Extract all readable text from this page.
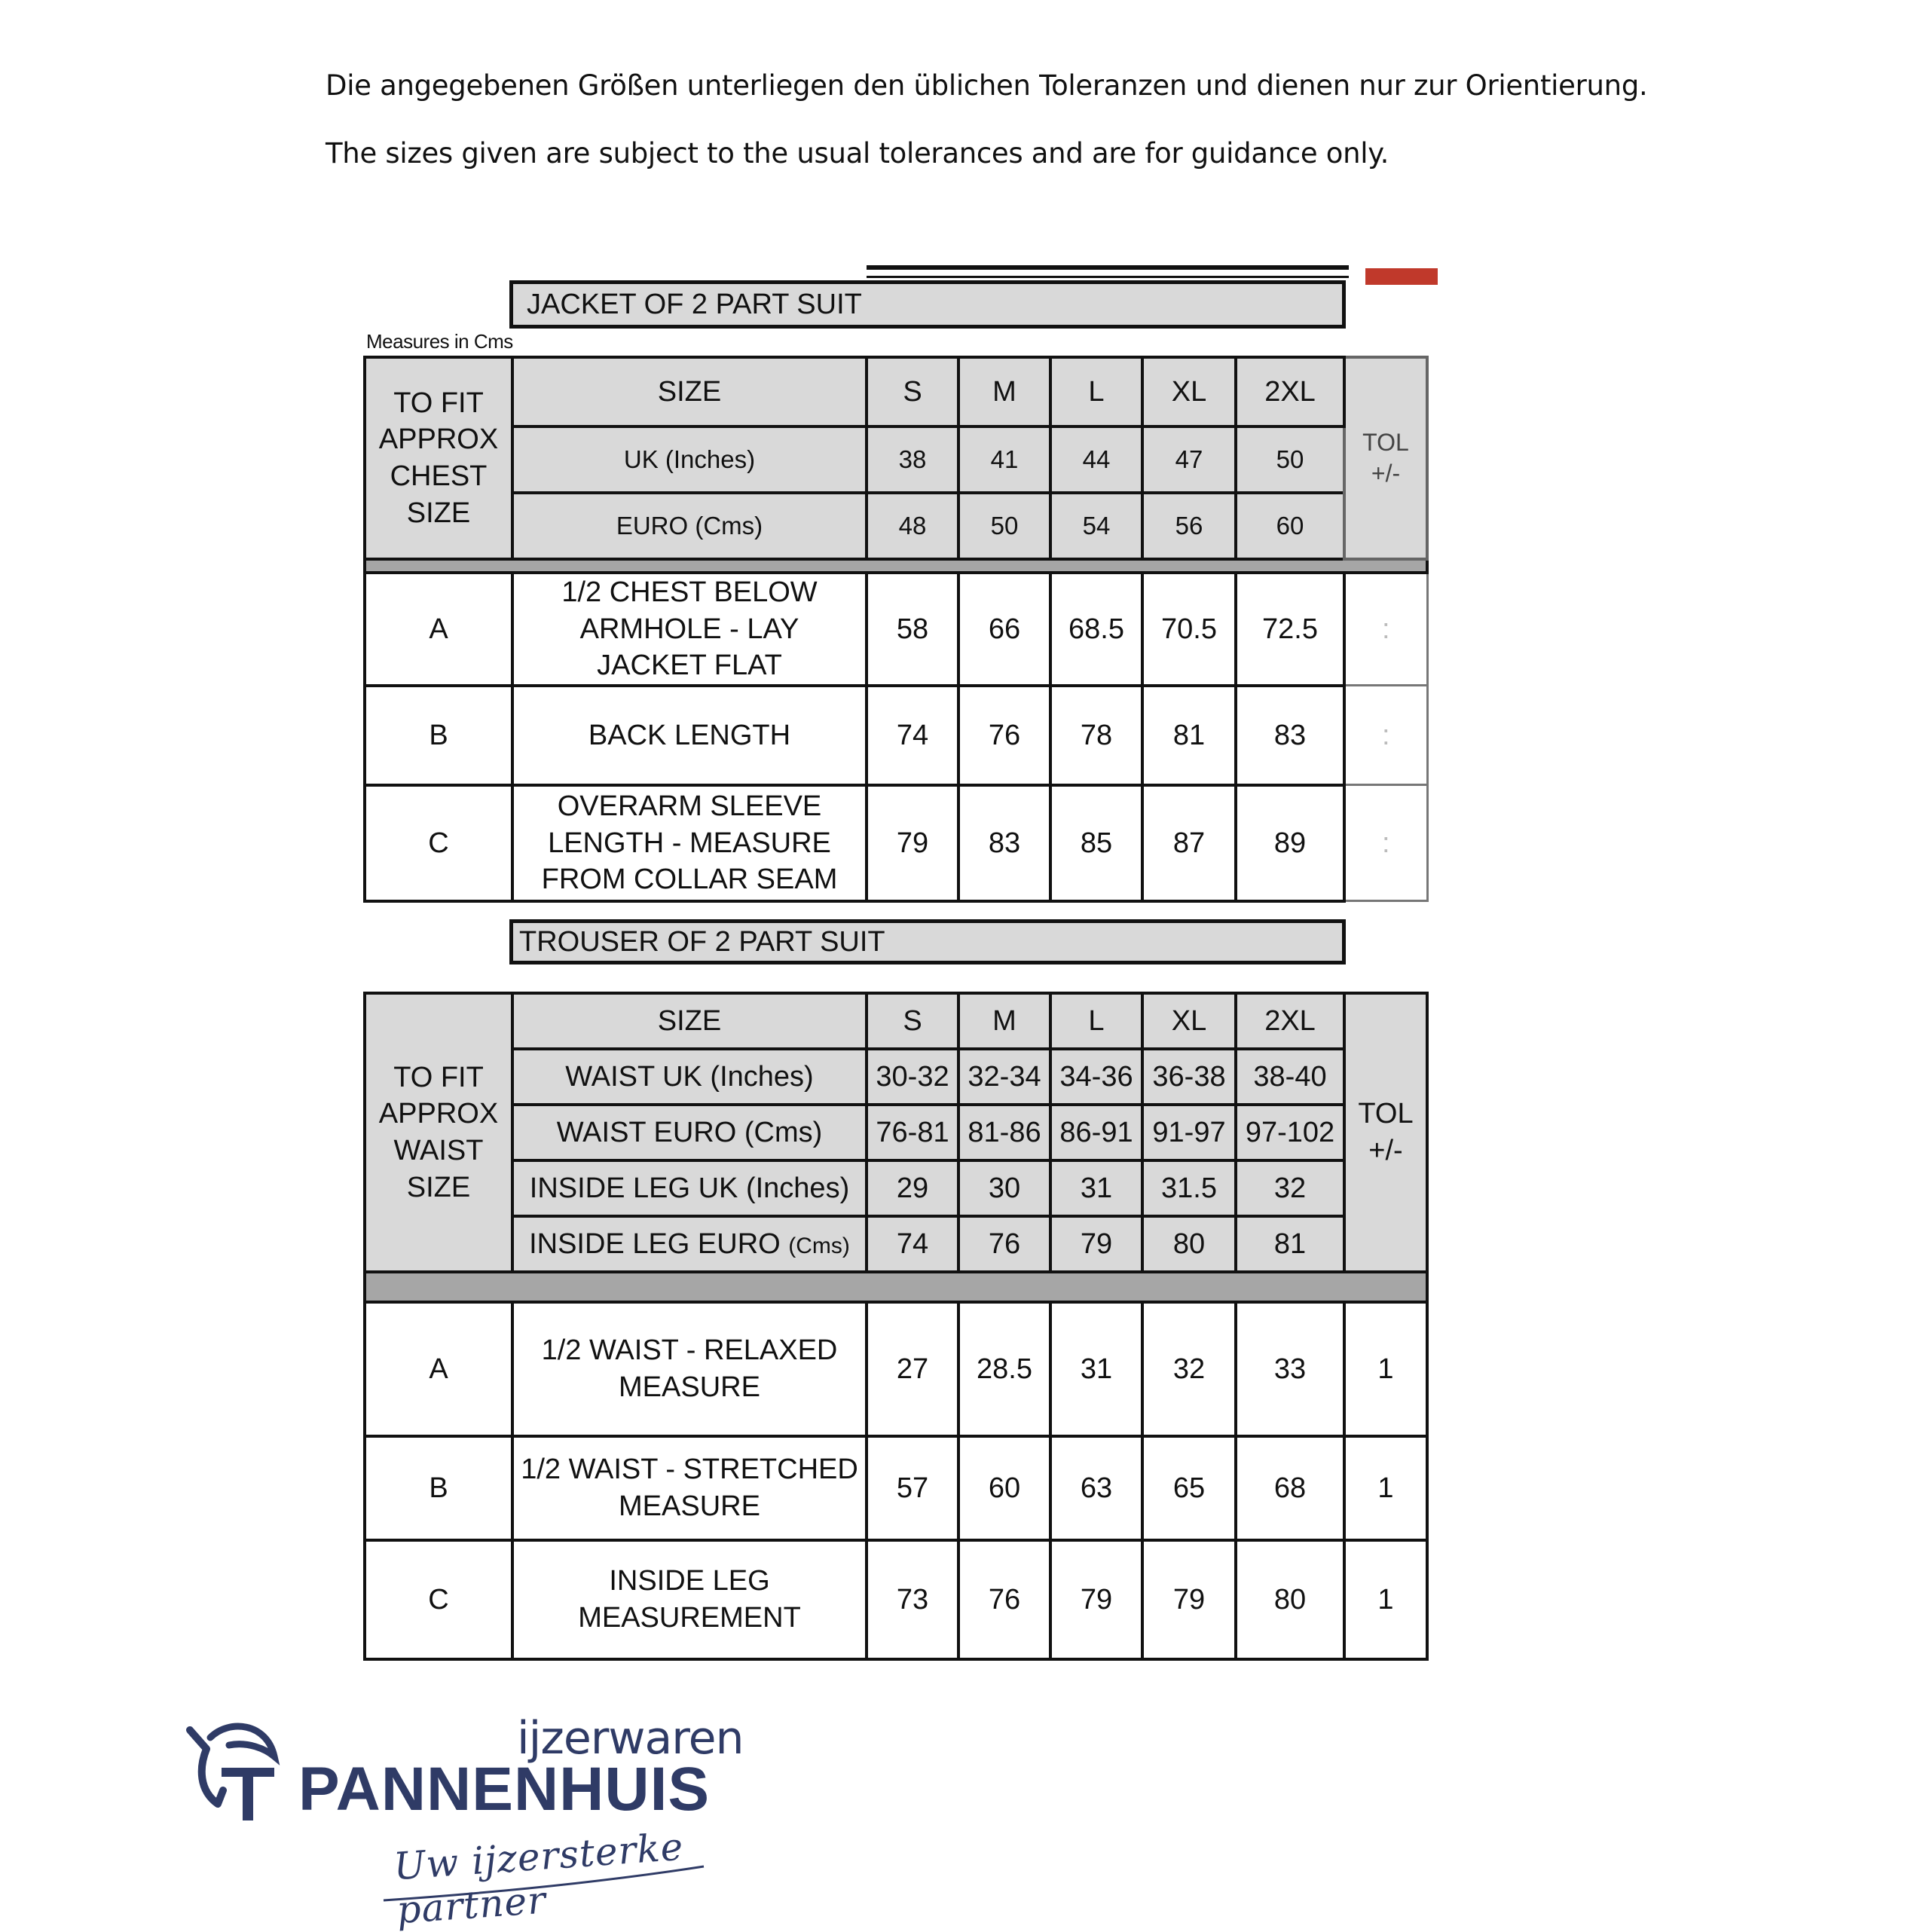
Die angegebenen Größen unterliegen den üblichen Toleranzen und dienen nur zur Orientierung.
The sizes given are subject to the usual tolerances and are for guidance only.
JACKET OF 2 PART SUIT
Measures in Cms
TO FIT APPROX CHEST SIZE	SIZE	S	M	L	XL	2XL	TOL +/-
	UK (Inches)	38	41	44	47	50	
	EURO (Cms)	48	50	54	56	60	

A	1/2 CHEST BELOW ARMHOLE - LAY JACKET FLAT	58	66	68.5	70.5	72.5	:
B	BACK LENGTH	74	76	78	81	83	:
C	OVERARM SLEEVE LENGTH - MEASURE FROM COLLAR SEAM	79	83	85	87	89	:
TROUSER OF 2 PART SUIT
TO FIT APPROX WAIST SIZE	SIZE	S	M	L	XL	2XL	TOL +/-
	WAIST UK (Inches)	30-32	32-34	34-36	36-38	38-40	
	WAIST EURO (Cms)	76-81	81-86	86-91	91-97	97-102	
	INSIDE LEG UK (Inches)	29	30	31	31.5	32	
	INSIDE LEG EURO (Cms)	74	76	79	80	81	

A	1/2 WAIST - RELAXED MEASURE	27	28.5	31	32	33	1
B	1/2 WAIST - STRETCHED MEASURE	57	60	63	65	68	1
C	INSIDE LEG MEASUREMENT	73	76	79	79	80	1
ijzerwaren
PANNENHUIS
Uw ijzersterke partner
